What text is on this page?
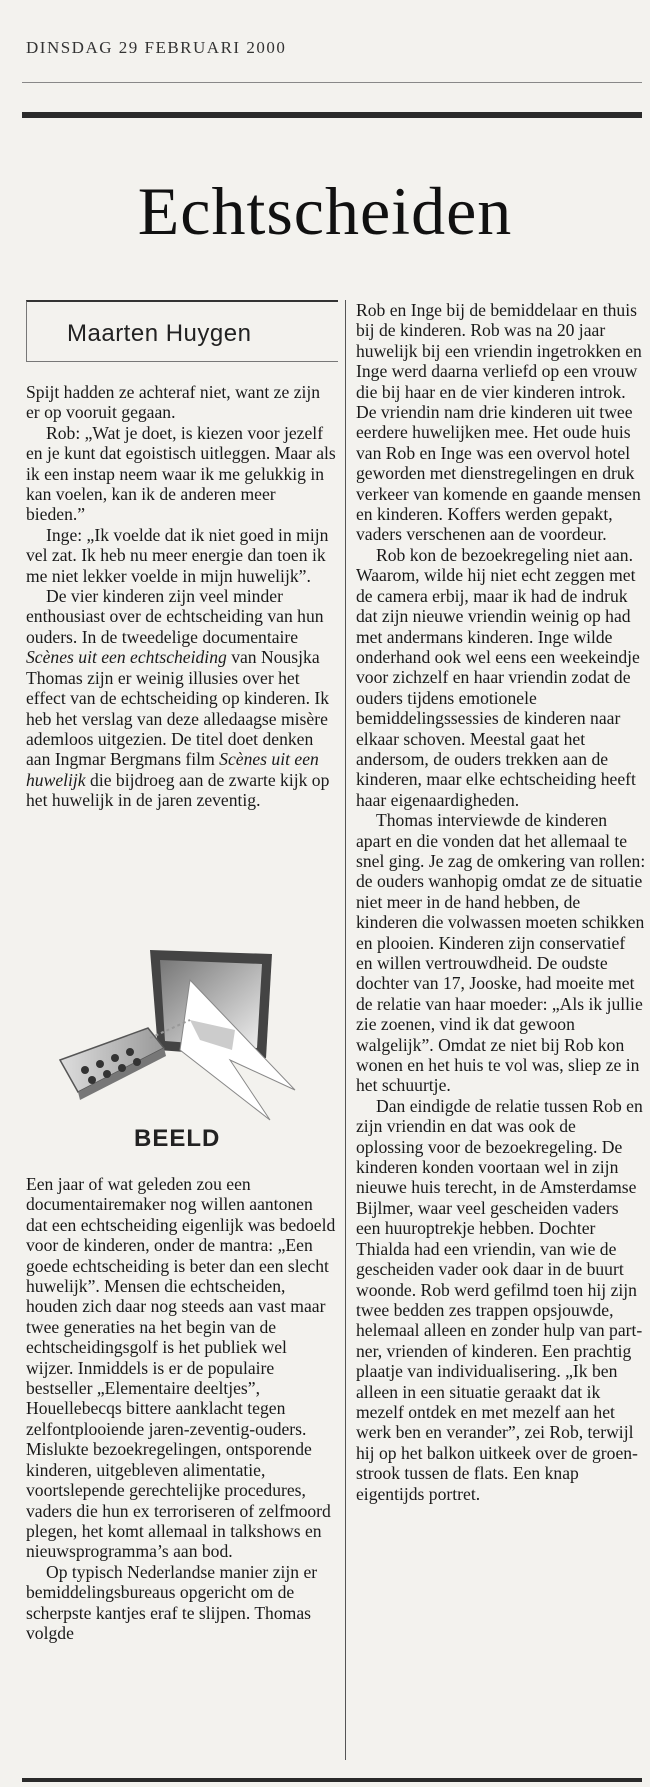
DINSDAG 29 FEBRUARI 2000
Echtscheiden
Maarten Huygen

Spijt hadden ze achteraf niet, want ze zijn er op vooruit gegaan.

Rob: „Wat je doet, is kiezen voor jezelf en je kunt dat egoistisch uitleggen. Maar als ik een instap neem waar ik me gelukkig in kan voelen, kan ik de anderen meer bieden.”

Inge: „Ik voelde dat ik niet goed in mijn vel zat. Ik heb nu meer energie dan toen ik me niet lekker voelde in mijn huwelijk”.

De vier kinderen zijn veel minder enthousiast over de echtscheiding van hun ouders. In de tweedelige documentaire Scènes uit een echtscheiding van Nousjka Thomas zijn er weinig illusies over het effect van de echtscheiding op kinderen. Ik heb het verslag van deze alledaagse misère ademloos uitgezien. De titel doet denken aan Ingmar Bergmans film Scènes uit een huwelijk die bijdroeg aan de zwarte kijk op het huwelijk in de jaren zeventig.

BEELD

Een jaar of wat geleden zou een documentairemaker nog willen aantonen dat een echtscheiding eigenlijk was bedoeld voor de kinderen, onder de mantra: „Een goede echtscheiding is beter dan een slecht huwelijk”. Mensen die echtscheiden, houden zich daar nog steeds aan vast maar twee generaties na het begin van de echtscheidingsgolf is het publiek wel wijzer. Inmiddels is er de populaire bestseller „Elementaire deeltjes”, Houellebecqs bittere aanklacht tegen zelfontplooiende jaren-zeventig-ouders. Mislukte bezoekregelingen, ontsporende kinderen, uitgebleven alimentatie, voortslepende gerechtelijke procedures, vaders die hun ex terroriseren of zelfmoord plegen, het komt allemaal in talkshows en nieuwsprogramma’s aan bod.

Op typisch Nederlandse manier zijn er bemiddelingsbureaus opgericht om de scherpste kantjes eraf te slijpen. Thomas volgde

Rob en Inge bij de bemiddelaar en thuis bij de kinderen. Rob was na 20 jaar huwelijk bij een vriendin ingetrokken en Inge werd daarna verliefd op een vrouw die bij haar en de vier kinderen introk. De vriendin nam drie kinderen uit twee eerdere huwelijken mee. Het oude huis van Rob en Inge was een overvol hotel geworden met dienstregelingen en druk verkeer van komende en gaande mensen en kinderen. Koffers werden gepakt, vaders verschenen aan de voordeur.

Rob kon de bezoekregeling niet aan. Waarom, wilde hij niet echt zeggen met de camera erbij, maar ik had de indruk dat zijn nieuwe vriendin weinig op had met andermans kinderen. Inge wilde onderhand ook wel eens een weekeindje voor zichzelf en haar vriendin zodat de ouders tijdens emotionele bemiddelingssessies de kinderen naar elkaar schoven. Meestal gaat het andersom, de ouders trekken aan de kinderen, maar elke echtscheiding heeft haar eigenaardigheden.

Thomas interviewde de kinderen apart en die vonden dat het allemaal te snel ging. Je zag de omkering van rollen: de ouders wanhopig omdat ze de situatie niet meer in de hand hebben, de kinderen die volwassen moeten schikken en plooien. Kinderen zijn conservatief en willen vertrouwdheid. De oudste dochter van 17, Jooske, had moeite met de relatie van haar moeder: „Als ik jullie zie zoenen, vind ik dat gewoon walgelijk”. Omdat ze niet bij Rob kon wonen en het huis te vol was, sliep ze in het schuurtje.

Dan eindigde de relatie tussen Rob en zijn vriendin en dat was ook de oplossing voor de bezoekregeling. De kinderen konden voortaan wel in zijn nieuwe huis terecht, in de Amsterdamse Bijlmer, waar veel gescheiden vaders een huuroptrekje hebben. Dochter Thialda had een vriendin, van wie de gescheiden vader ook daar in de buurt woonde. Rob werd gefilmd toen hij zijn twee bedden zes trappen opsjouwde, helemaal alleen en zonder hulp van partner, vrienden of kinderen. Een prachtig plaatje van individualisering. „Ik ben alleen in een situatie geraakt dat ik mezelf ontdek en met mezelf aan het werk ben en verander”, zei Rob, terwijl hij op het balkon uitkeek over de groenstrook tussen de flats. Een knap eigentijds portret.
